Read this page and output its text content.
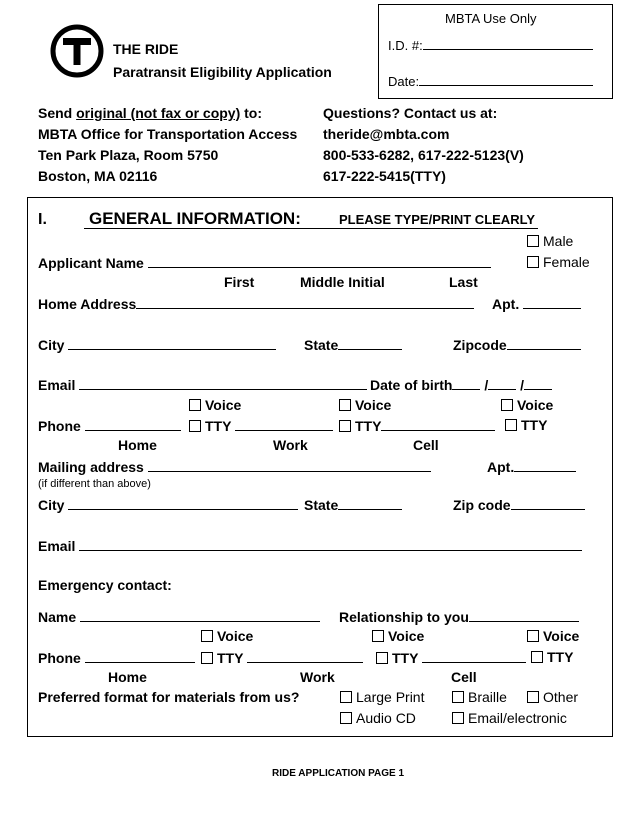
THE RIDE
Paratransit Eligibility Application
MBTA Use Only
I.D. #:
Date:
Send original (not fax or copy) to:
MBTA Office for Transportation Access
Ten Park Plaza, Room 5750
Boston, MA 02116
Questions? Contact us at:
theride@mbta.com
800-533-6282, 617-222-5123(V)
617-222-5415(TTY)
I. GENERAL INFORMATION:	PLEASE TYPE/PRINT CLEARLY
Male
Female
Applicant Name
First	Middle Initial	Last
Home Address	Apt.
City	State	Zipcode
Email	Date of birth / /
Voice	Voice	Voice
Phone	TTY	TTY	TTY
Home	Work	Cell
Mailing address	Apt.
(if different than above)
City	State	Zip code
Email
Emergency contact:
Name	Relationship to you
Voice	Voice	Voice
Phone	TTY	TTY	TTY
Home	Work	Cell
Preferred format for materials from us?	Large Print	Braille	Other
Audio CD	Email/electronic
RIDE APPLICATION PAGE 1
